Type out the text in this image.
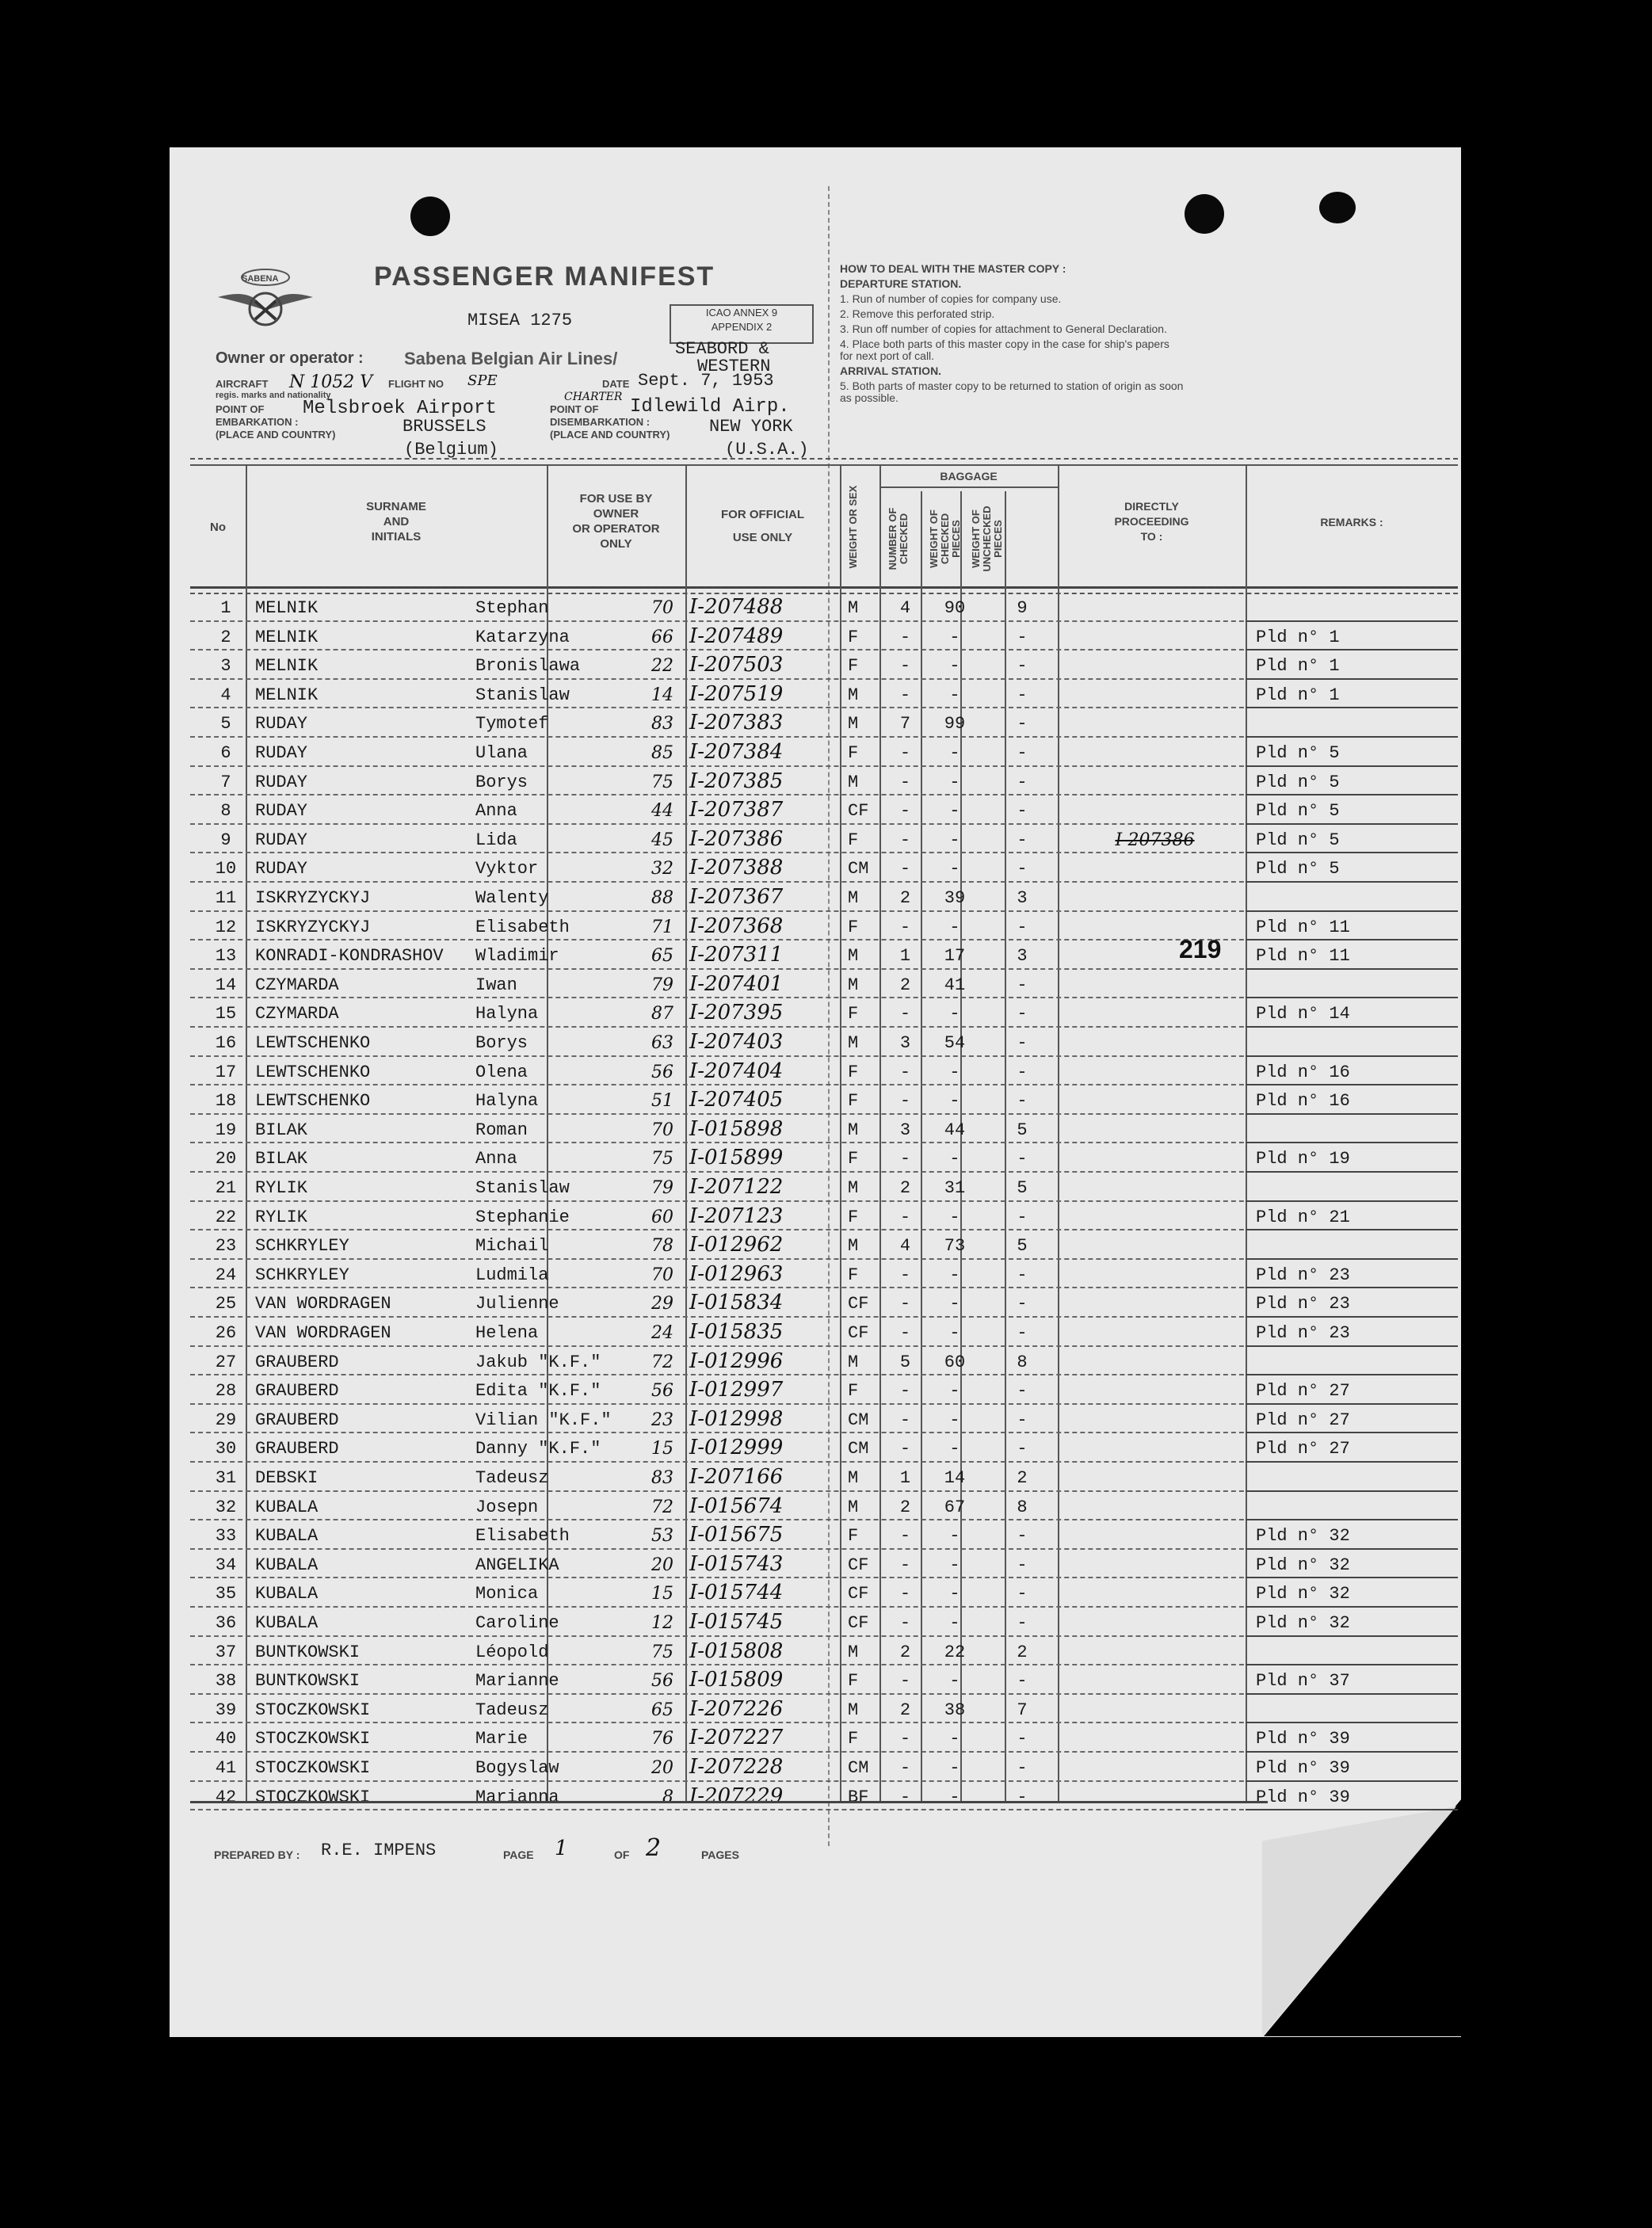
SABENA	PASSENGER MANIFEST
MISEA 1275	ICAO ANNEX 9
APPENDIX 2
Owner or operator : Sabena Belgian Air Lines/	SEABORD &
WESTERN
AIRCRAFT
regis. marks and nationality
N 1052 V FLIGHT NO SPE
CHARTER
DATE Sept. 7, 1953
POINT OF
EMBARKATION :
(PLACE AND COUNTRY)
Melsbroek Airport
BRUSSELS
(Belgium)
POINT OF
DISEMBARKATION :
(PLACE AND COUNTRY)
Idlewild Airp.
NEW YORK
(U.S.A.)
HOW TO DEAL WITH THE MASTER COPY :
DEPARTURE STATION.
1. Run of number of copies for company use.
2. Remove this perforated strip.
3. Run off number of copies for attachment to General Declaration.
4. Place both parts of this master copy in the case for ship's papers
for next port of call.
ARRIVAL STATION.
5. Both parts of master copy to be returned to station of origin as soon
as possible.
No
SURNAME
AND
INITIALS
FOR USE BY
OWNER
OR OPERATOR
ONLY
FOR OFFICIAL
USE ONLY	WEIGHT OR SEX
BAGGAGE
NUMBER OF CHECKED WEIGHT OF CHECKED PIECES WEIGHT OF UNCHECKED PIECES
DIRECTLY
PROCEEDING
TO :
REMARKS :
1	MELNIK	Stephan	70 I-207488	M	4	90	9
2	MELNIK	Katarzyna	66 I-207489	F	-	-	-	Pld n° 1
3	MELNIK	Bronislawa	22 I-207503	F	-	-	-	Pld n° 1
4	MELNIK	Stanislaw	14 I-207519	M	-	-	-	Pld n° 1
5	RUDAY	Tymotef	83 I-207383	M	7	99	-
6	RUDAY	Ulana	85 I-207384	F	-	-	-	Pld n° 5
7	RUDAY	Borys	75 I-207385	M	-	-	-	Pld n° 5
8	RUDAY	Anna	44 I-207387	CF	-	-	-	Pld n° 5
9	RUDAY	Lida	45 I-207386	F	-	-	-	I-207386	Pld n° 5
10	RUDAY	Vyktor	32 I-207388	CM	-	-	-	Pld n° 5
11	ISKRYZYCKYJ	Walenty	88 I-207367	M	2	39	3
12	ISKRYZYCKYJ	Elisabeth	71 I-207368	F	-	-	-	Pld n° 11
13	KONRADI-KONDRASHOV Wladimir	65 I-207311	M	1	17	3	Pld n° 11
14	CZYMARDA	Iwan	79 I-207401	M	2	41	-
15	CZYMARDA	Halyna	87 I-207395	F	-	-	-	Pld n° 14
16	LEWTSCHENKO	Borys	63 I-207403	M	3	54	-
17	LEWTSCHENKO	Olena	56 I-207404	F	-	-	-	Pld n° 16
18	LEWTSCHENKO	Halyna	51 I-207405	F	-	-	-	Pld n° 16
19	BILAK	Roman	70 I-015898	M	3	44	5
20	BILAK	Anna	75 I-015899	F	-	-	-	Pld n° 19
21	RYLIK	Stanislaw	79 I-207122	M	2	31	5
22	RYLIK	Stephanie	60 I-207123	F	-	-	-	Pld n° 21
23	SCHKRYLEY	Michail	78 I-012962	M	4	73	5
24	SCHKRYLEY	Ludmila	70 I-012963	F	-	-	-	Pld n° 23
25	VAN WORDRAGEN	Julienne	29 I-015834	CF	-	-	-	Pld n° 23
26	VAN WORDRAGEN	Helena	24 I-015835	CF	-	-	-	Pld n° 23
27	GRAUBERD	Jakub "K.F."	72 I-012996	M	5	60	8
28	GRAUBERD	Edita "K.F."	56 I-012997	F	-	-	-	Pld n° 27
29	GRAUBERD	Vilian "K.F."	23 I-012998	CM	-	-	-	Pld n° 27
30	GRAUBERD	Danny "K.F."	15 I-012999	CM	-	-	-	Pld n° 27
31	DEBSKI	Tadeusz	83 I-207166	M	1	14	2
32	KUBALA	Josepn	72 I-015674	M	2	67	8
33	KUBALA	Elisabeth	53 I-015675	F	-	-	-	Pld n° 32
34	KUBALA	ANGELIKA	20 I-015743	CF	-	-	-	Pld n° 32
35	KUBALA	Monica	15 I-015744	CF	-	-	-	Pld n° 32
36	KUBALA	Caroline	12 I-015745	CF	-	-	-	Pld n° 32
37	BUNTKOWSKI	Léopold	75 I-015808	M	2	22	2
38	BUNTKOWSKI	Marianne	56 I-015809	F	-	-	-	Pld n° 37
39	STOCZKOWSKI	Tadeusz	65 I-207226	M	2	38	7
40	STOCZKOWSKI	Marie	76 I-207227	F	-	-	-	Pld n° 39
41	STOCZKOWSKI	Bogyslaw	20 I-207228	CM	-	-	-	Pld n° 39
42	STOCZKOWSKI	Marianna	8 I-207229	BF	-	-	-	Pld n° 39
219
PREPARED BY : R.E. IMPENS	PAGE 1	OF 2	PAGES
